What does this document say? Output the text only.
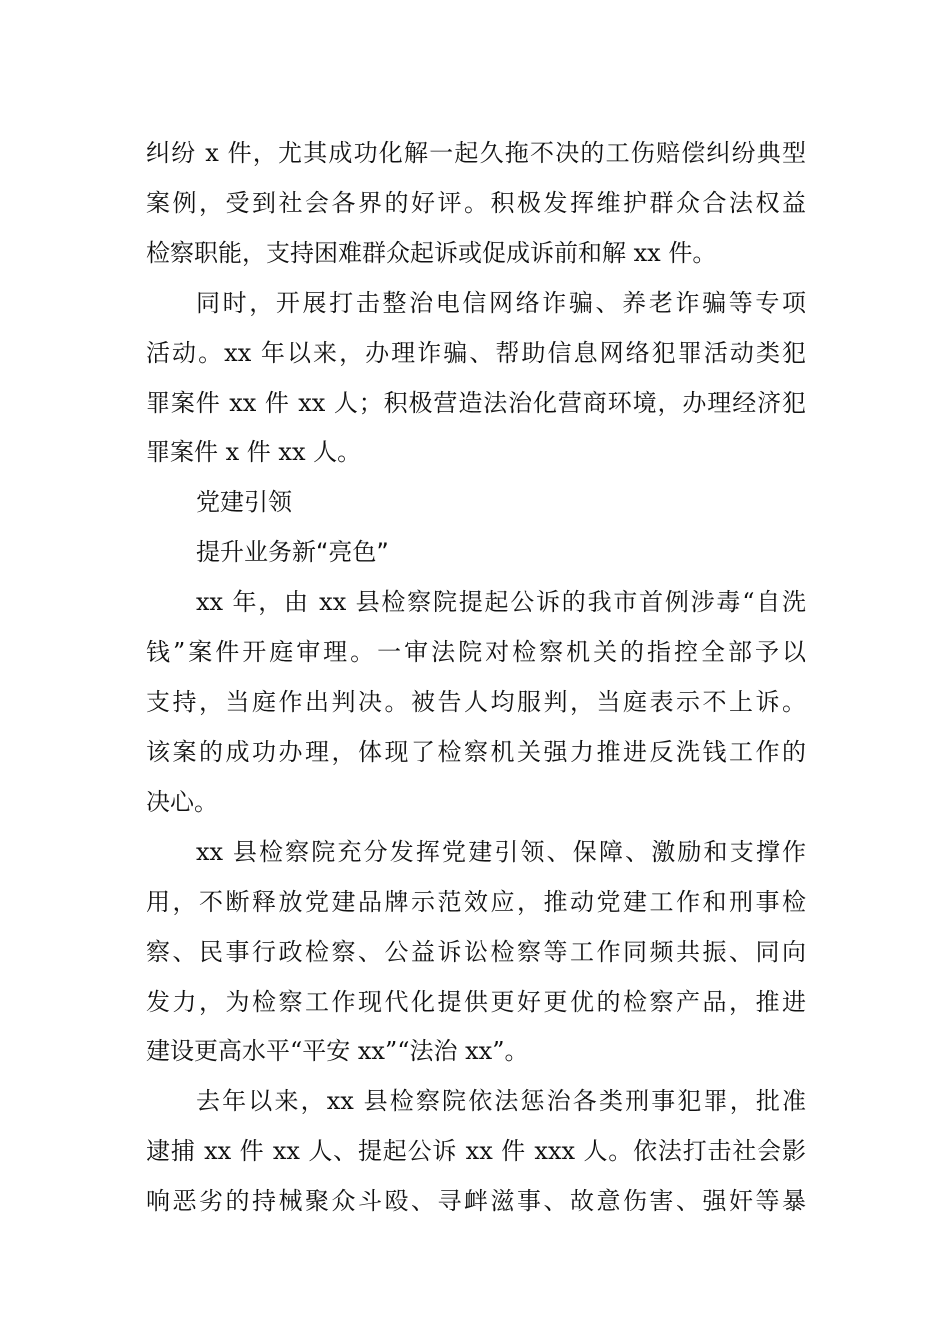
纠纷 x 件，尤其成功化解一起久拖不决的工伤赔偿纠纷典型
案例，受到社会各界的好评。积极发挥维护群众合法权益
检察职能，支持困难群众起诉或促成诉前和解 xx 件。
同时，开展打击整治电信网络诈骗、养老诈骗等专项
活动。xx 年以来，办理诈骗、帮助信息网络犯罪活动类犯
罪案件 xx 件 xx 人；积极营造法治化营商环境，办理经济犯
罪案件 x 件 xx 人。
党建引领
提升业务新“亮色”
xx 年，由 xx 县检察院提起公诉的我市首例涉毒“自洗
钱”案件开庭审理。一审法院对检察机关的指控全部予以
支持，当庭作出判决。被告人均服判，当庭表示不上诉。
该案的成功办理，体现了检察机关强力推进反洗钱工作的
决心。
xx 县检察院充分发挥党建引领、保障、激励和支撑作
用，不断释放党建品牌示范效应，推动党建工作和刑事检
察、民事行政检察、公益诉讼检察等工作同频共振、同向
发力，为检察工作现代化提供更好更优的检察产品，推进
建设更高水平“平安 xx”“法治 xx”。
去年以来，xx 县检察院依法惩治各类刑事犯罪，批准
逮捕 xx 件 xx 人、提起公诉 xx 件 xxx 人。依法打击社会影
响恶劣的持械聚众斗殴、寻衅滋事、故意伤害、强奸等暴
